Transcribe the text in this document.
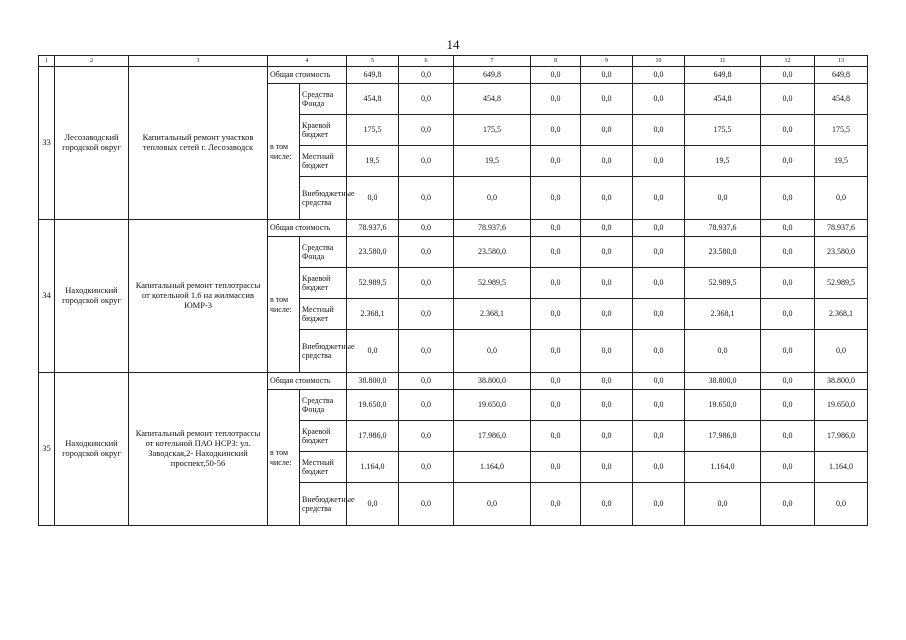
14
1	2	3	4		5	6	7	8	9	10	11	12	13
33	Лесозаводский городской округ	Капитальный ремонт участков тепловых сетей г. Лесозаводск	Общая стоимость		649,8	0,0	649,8	0,0	0,0	0,0	649,8	0,0	649,8
			в том числе:	Средства Фонда	454,8	0,0	454,8	0,0	0,0	0,0	454,8	0,0	454,8
				Краевой бюджет	175,5	0,0	175,5	0,0	0,0	0,0	175,5	0,0	175,5
				Местный бюджет	19,5	0,0	19,5	0,0	0,0	0,0	19,5	0,0	19,5
				Внебюджетные средства	0,0	0,0	0,0	0,0	0,0	0,0	0,0	0,0	0,0
34	Находкинский городской округ	Капитальный ремонт теплотрассы от котельной 1.6 на жилмассив ЮМР-3	Общая стоимость		78.937,6	0,0	78.937,6	0,0	0,0	0,0	78.937,6	0,0	78.937,6
			в том числе:	Средства Фонда	23.580,0	0,0	23.580,0	0,0	0,0	0,0	23.580,0	0,0	23.580,0
				Краевой бюджет	52.989,5	0,0	52.989,5	0,0	0,0	0,0	52.989,5	0,0	52.989,5
				Местный бюджет	2.368,1	0,0	2.368,1	0,0	0,0	0,0	2.368,1	0,0	2.368,1
				Внебюджетные средства	0,0	0,0	0,0	0,0	0,0	0,0	0,0	0,0	0,0
35	Находкинский городской округ	Капитальный ремонт теплотрассы от котельной ПАО НСРЗ: ул. Заводская,2- Находкинский проспект,50-56	Общая стоимость		38.800,0	0,0	38.800,0	0,0	0,0	0,0	38.800,0	0,0	38.800,0
			в том числе:	Средства Фонда	19.650,0	0,0	19.650,0	0,0	0,0	0,0	19.650,0	0,0	19.650,0
				Краевой бюджет	17.986,0	0,0	17.986,0	0,0	0,0	0,0	17.986,0	0,0	17.986,0
				Местный бюджет	1.164,0	0,0	1.164,0	0,0	0,0	0,0	1.164,0	0,0	1.164,0
				Внебюджетные средства	0,0	0,0	0,0	0,0	0,0	0,0	0,0	0,0	0,0
